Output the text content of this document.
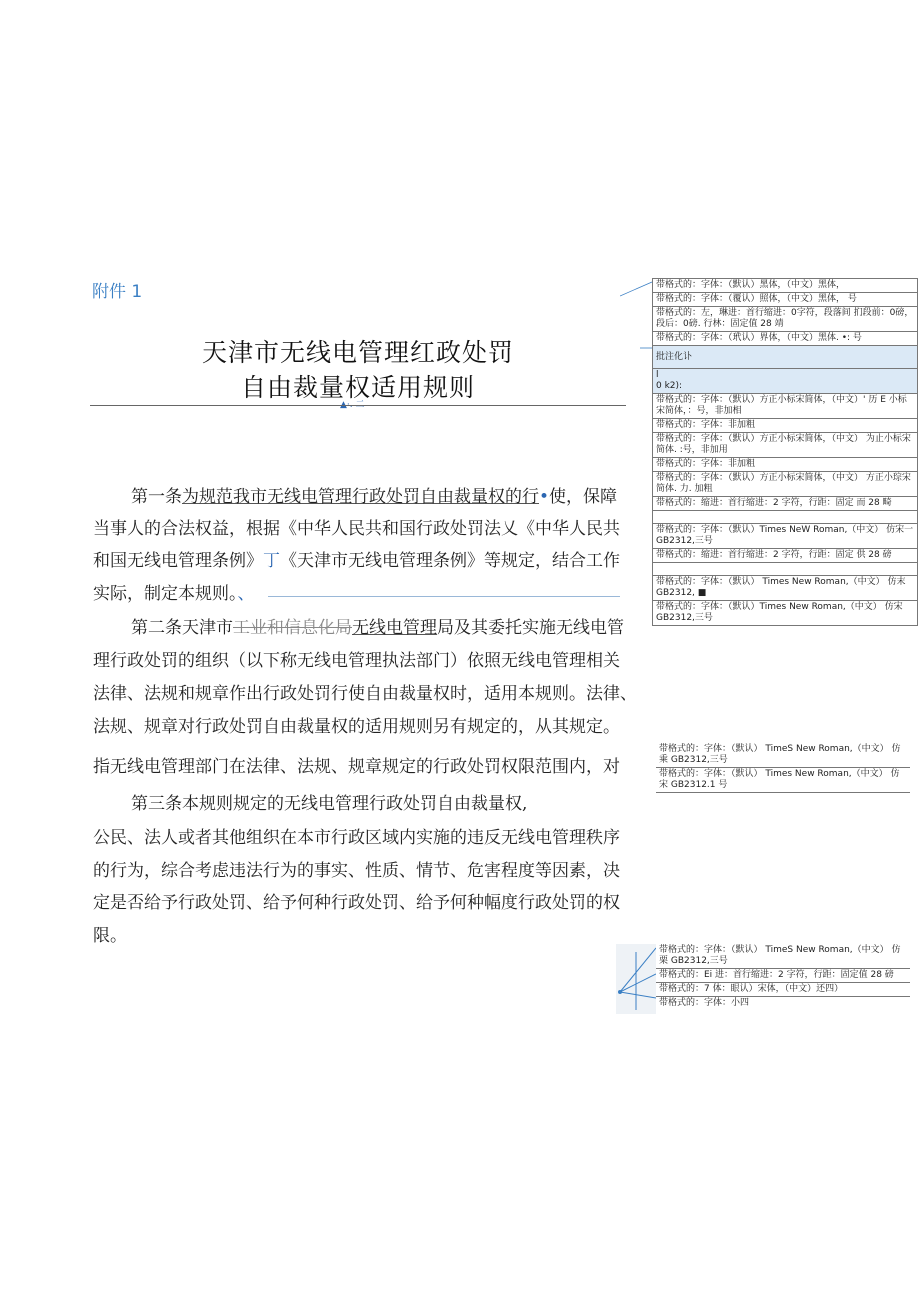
附件 1
天津市无线电管理红政处罚
自由裁量权适用规则
▲·. 二
第一条为规范我市无线电管理行政处罚自由裁量权的行•使，保障
当事人的合法权益，根据《中华人民共和国行政处罚法乂《中华人民共
和国无线电管理条例》丁《天津市无线电管理条例》等规定，结合工作
实际，制定本规则。、
第二条天津市工业和信息化局无线电管理局及其委托实施无线电管
理行政处罚的组织（以下称无线电管理执法部门）依照无线电管理相关
法律、法规和规章作出行政处罚行使自由裁量权时，适用本规则。法律、
法规、规章对行政处罚自由裁量权的适用规则另有规定的，从其规定。
指无线电管理部门在法律、法规、规章规定的行政处罚权限范围内，对
第三条本规则规定的无线电管理行政处罚自由裁量权,
公民、法人或者其他组织在本市行政区域内实施的违反无线电管理秩序
的行为，综合考虑违法行为的事实、性质、情节、危害程度等因素，决
定是否给予行政处罚、给予何种行政处罚、给予何种幅度行政处罚的权
限。
带格式的：字体：（默认）黑体，（中文）黑体，
带格式的：字体：（覆认）照体，（中文）黑体， 号
带格式的：左，琳进：首行缩进：0字符，段落间 扪段前：0磅，段后：0磅. 行林：固定值 28 靖
带格式的：字体：（玳认）界体，（中文）黑体. •: 号
批注化讣
l
0 k2):
带格式的：字体：（默认）方正小标宋简体，（中文）' 历 E 小标宋简体，：号，非加相
带格式的：字体：非加粗
带格式的：字体：（默认）方正小标宋简体，（中文） 为止小标宋简体. :号，非加用
带格式的：字体：非加粗
带格式的：字体：（默认）方正小标宋简体，（中文） 方正小琮宋简体. 力. 加粗
带格式的：缩进：首行缩进：2 字符，行距：固定 而 28 畸
带格式的：字体：（默认）Times NeW Roman,（中文） 仿宋一 GB2312,三号
带格式的：缩进：首行缩进：2 字符，行距：固定 供 28 磅
带格式的：字体：（默认） Times New Roman,（中文） 仿末 GB2312, ■
带格式的：字体：（默认）Times New Roman,（中文） 仿宋 GB2312,三号
带格式的：字体：（默认） TimeS New Roman,（中文） 仿乘 GB2312,三号
带格式的：字体：（默认） Times New Roman,（中文） 仿宋 GB2312.1 号
带格式的：字体：（默认） TimeS New Roman,（中文） 仿栗 GB2312,三号
带格式的：Ei 进：首行缩进：2 字符，行距：固定值 28 磅
带格式的：7 体：眼认）宋体，（中文）还四）
带格式的：字体：小四
